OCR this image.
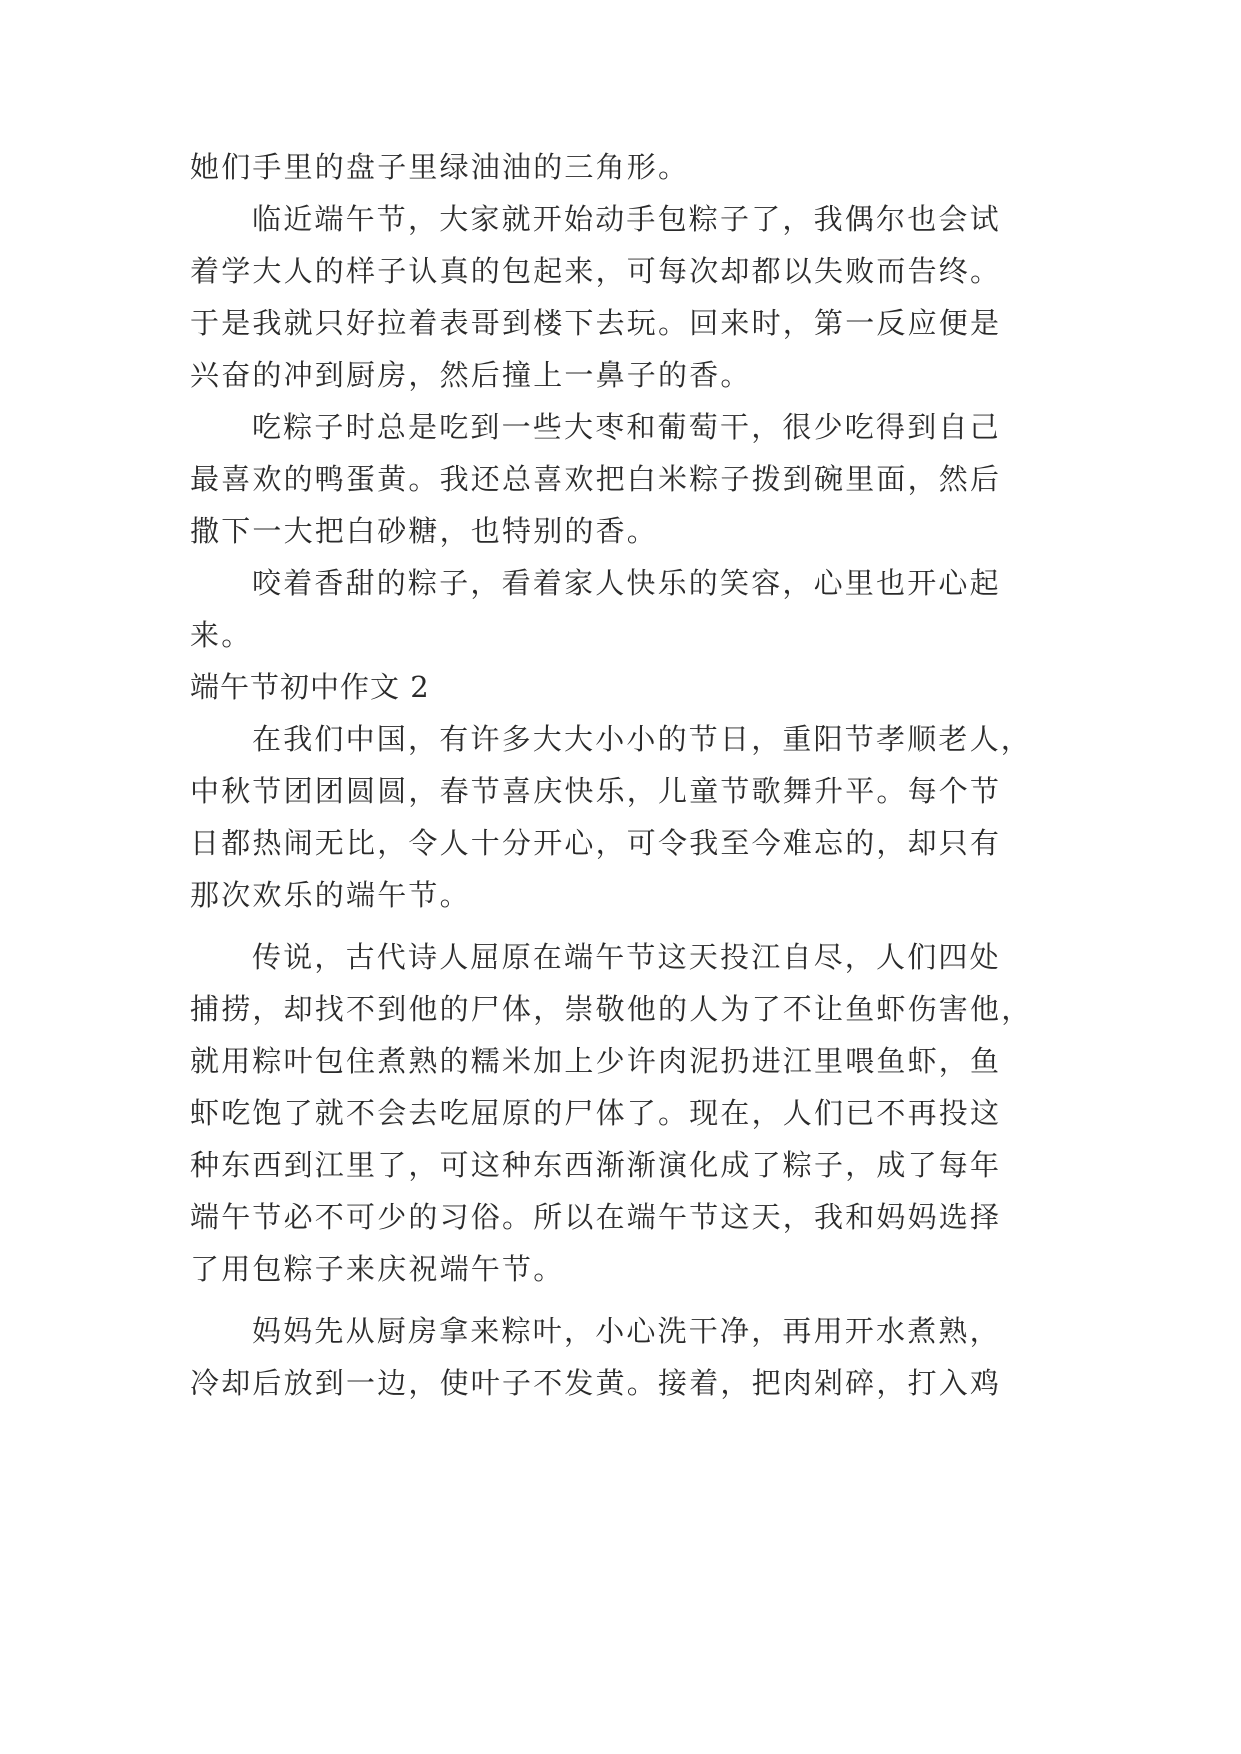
她们手里的盘子里绿油油的三角形。
临近端午节，大家就开始动手包粽子了，我偶尔也会试
着学大人的样子认真的包起来，可每次却都以失败而告终。
于是我就只好拉着表哥到楼下去玩。回来时，第一反应便是
兴奋的冲到厨房，然后撞上一鼻子的香。
吃粽子时总是吃到一些大枣和葡萄干，很少吃得到自己
最喜欢的鸭蛋黄。我还总喜欢把白米粽子拨到碗里面，然后
撒下一大把白砂糖，也特别的香。
咬着香甜的粽子，看着家人快乐的笑容，心里也开心起
来。
端午节初中作文 2
在我们中国，有许多大大小小的节日，重阳节孝顺老人，
中秋节团团圆圆，春节喜庆快乐，儿童节歌舞升平。每个节
日都热闹无比，令人十分开心，可令我至今难忘的，却只有
那次欢乐的端午节。
传说，古代诗人屈原在端午节这天投江自尽，人们四处
捕捞，却找不到他的尸体，崇敬他的人为了不让鱼虾伤害他，
就用粽叶包住煮熟的糯米加上少许肉泥扔进江里喂鱼虾，鱼
虾吃饱了就不会去吃屈原的尸体了。现在，人们已不再投这
种东西到江里了，可这种东西渐渐演化成了粽子，成了每年
端午节必不可少的习俗。所以在端午节这天，我和妈妈选择
了用包粽子来庆祝端午节。
妈妈先从厨房拿来粽叶，小心洗干净，再用开水煮熟，
冷却后放到一边，使叶子不发黄。接着，把肉剁碎，打入鸡
